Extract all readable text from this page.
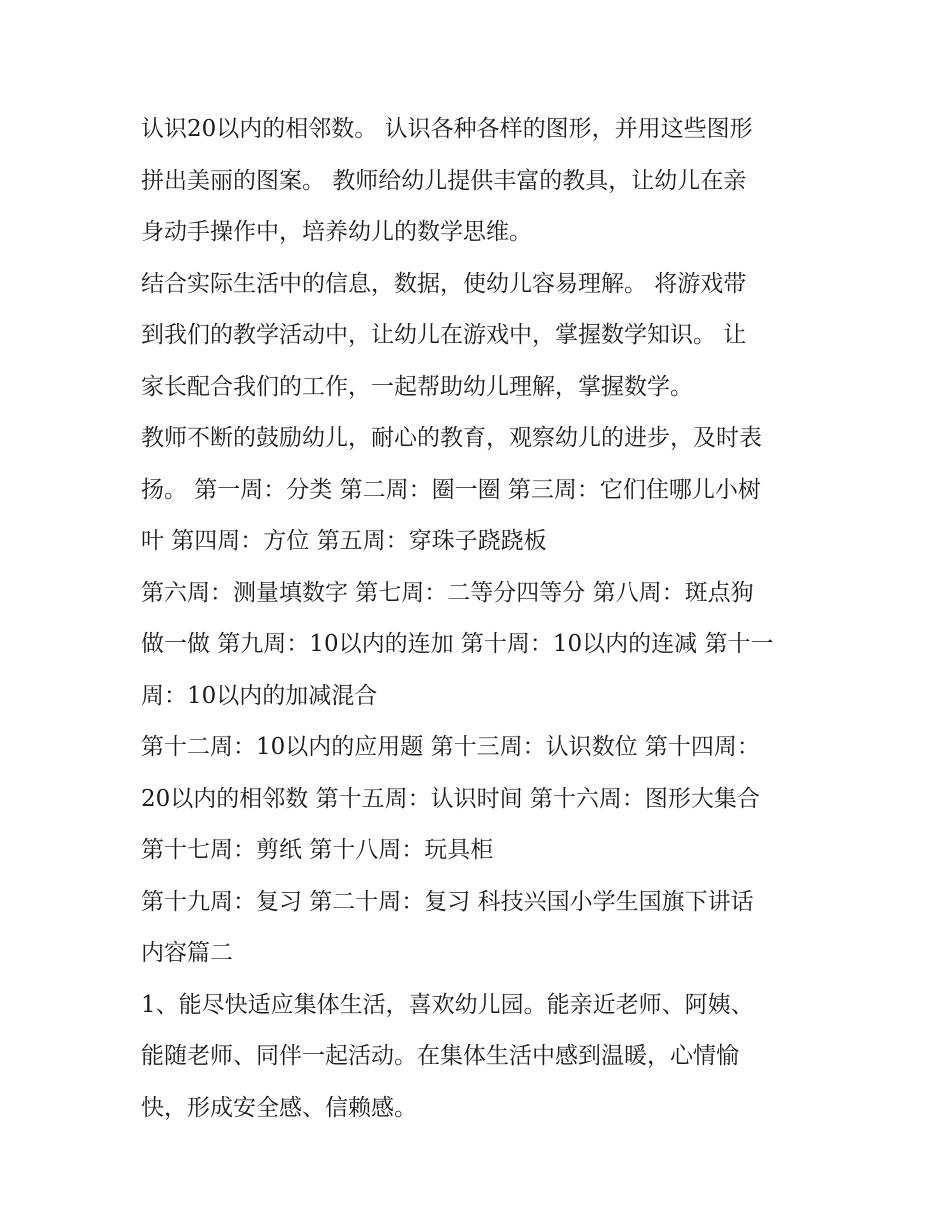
认识20以内的相邻数。 认识各种各样的图形，并用这些图形
拼出美丽的图案。 教师给幼儿提供丰富的教具，让幼儿在亲
身动手操作中，培养幼儿的数学思维。

结合实际生活中的信息，数据，使幼儿容易理解。 将游戏带
到我们的教学活动中，让幼儿在游戏中，掌握数学知识。 让
家长配合我们的工作，一起帮助幼儿理解，掌握数学。

教师不断的鼓励幼儿，耐心的教育，观察幼儿的进步，及时表
扬。 第一周：分类 第二周：圈一圈 第三周：它们住哪儿小树
叶 第四周：方位 第五周：穿珠子跷跷板

第六周：测量填数字 第七周：二等分四等分 第八周：斑点狗
做一做 第九周：10以内的连加 第十周：10以内的连减 第十一
周：10以内的加减混合

第十二周：10以内的应用题 第十三周：认识数位 第十四周：
20以内的相邻数 第十五周：认识时间 第十六周：图形大集合
第十七周：剪纸 第十八周：玩具柜

第十九周：复习 第二十周：复习 科技兴国小学生国旗下讲话
内容篇二

1、能尽快适应集体生活，喜欢幼儿园。能亲近老师、阿姨、
能随老师、同伴一起活动。在集体生活中感到温暖，心情愉
快，形成安全感、信赖感。
